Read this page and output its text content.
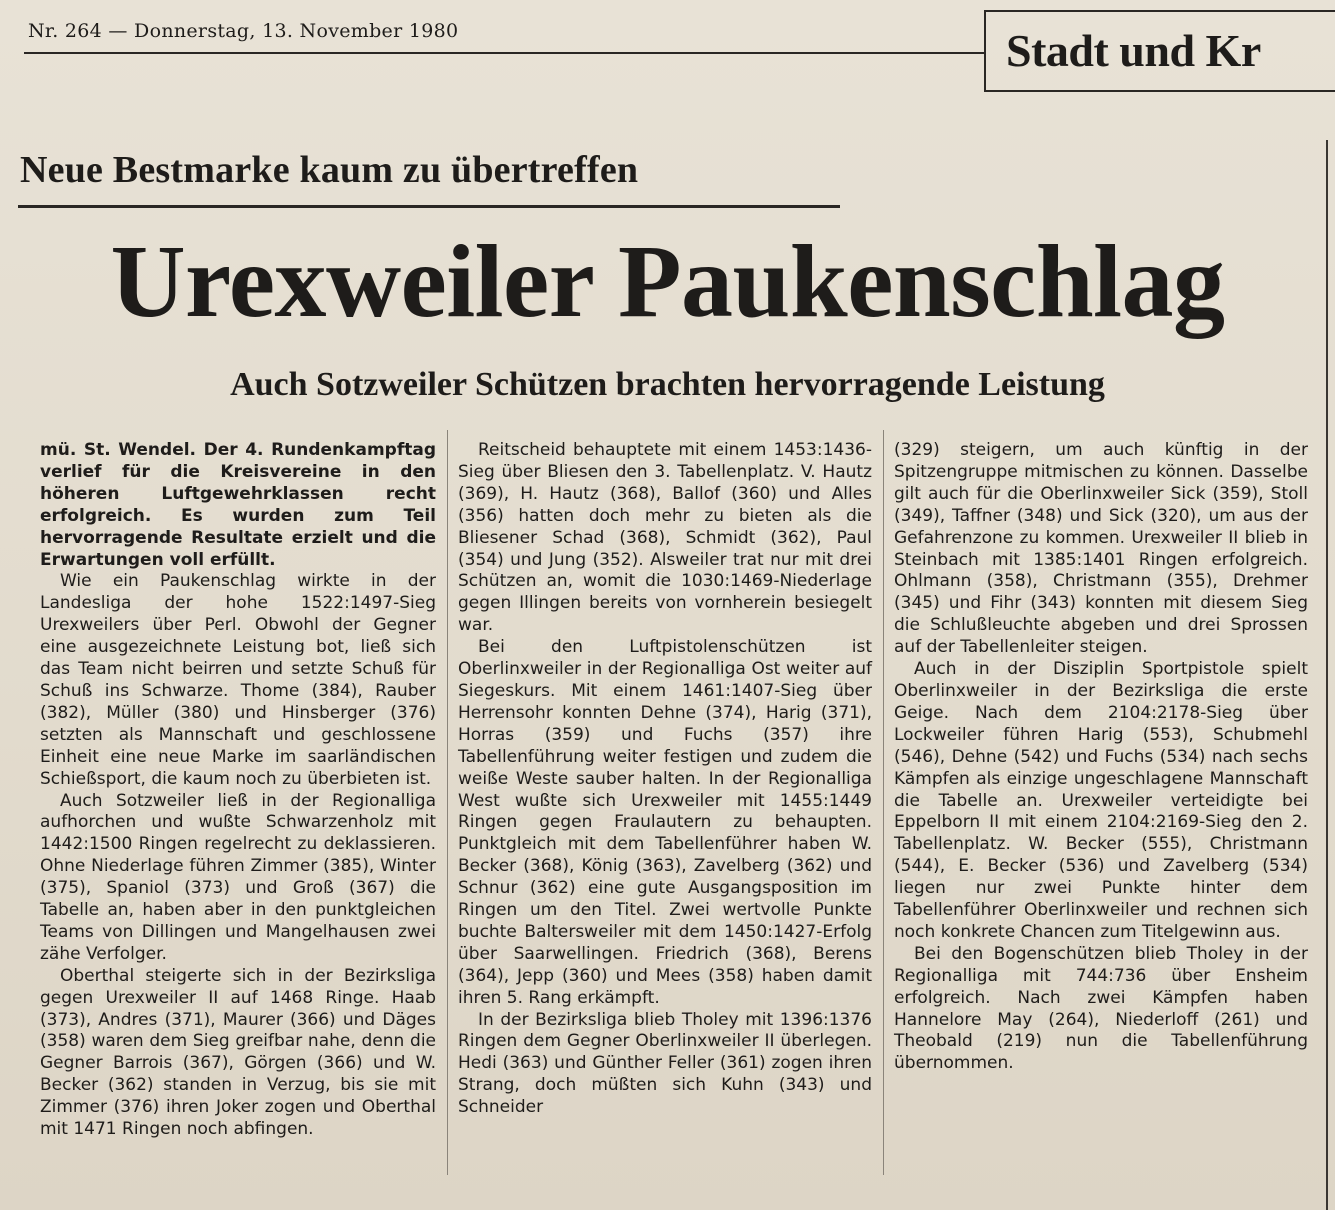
Nr. 264 — Donnerstag, 13. November 1980	Stadt und Kr
Neue Bestmarke kaum zu übertreffen
Urexweiler Paukenschlag
Auch Sotzweiler Schützen brachten hervorragende Leistung

mü. St. Wendel. Der 4. Rundenkampftag verlief für die Kreisvereine in den höheren Luftgewehrklassen recht erfolgreich. Es wurden zum Teil hervorragende Resultate erzielt und die Erwartungen voll erfüllt.

Wie ein Paukenschlag wirkte in der Landesliga der hohe 1522:1497-Sieg Urexweilers über Perl. Obwohl der Gegner eine ausgezeichnete Leistung bot, ließ sich das Team nicht beirren und setzte Schuß für Schuß ins Schwarze. Thome (384), Rauber (382), Müller (380) und Hinsberger (376) setzten als Mannschaft und geschlossene Einheit eine neue Marke im saarländischen Schießsport, die kaum noch zu überbieten ist.

Auch Sotzweiler ließ in der Regionalliga aufhorchen und wußte Schwarzenholz mit 1442:1500 Ringen regelrecht zu deklassieren. Ohne Niederlage führen Zimmer (385), Winter (375), Spaniol (373) und Groß (367) die Tabelle an, haben aber in den punktgleichen Teams von Dillingen und Mangelhausen zwei zähe Verfolger.

Oberthal steigerte sich in der Bezirksliga gegen Urexweiler II auf 1468 Ringe. Haab (373), Andres (371), Maurer (366) und Däges (358) waren dem Sieg greifbar nahe, denn die Gegner Barrois (367), Görgen (366) und W. Becker (362) standen in Verzug, bis sie mit Zimmer (376) ihren Joker zogen und Oberthal mit 1471 Ringen noch abfingen.

Reitscheid behauptete mit einem 1453:1436-Sieg über Bliesen den 3. Tabellenplatz. V. Hautz (369), H. Hautz (368), Ballof (360) und Alles (356) hatten doch mehr zu bieten als die Bliesener Schad (368), Schmidt (362), Paul (354) und Jung (352). Alsweiler trat nur mit drei Schützen an, womit die 1030:1469-Niederlage gegen Illingen bereits von vornherein besiegelt war.

Bei den Luftpistolenschützen ist Oberlinxweiler in der Regionalliga Ost weiter auf Siegeskurs. Mit einem 1461:1407-Sieg über Herrensohr konnten Dehne (374), Harig (371), Horras (359) und Fuchs (357) ihre Tabellenführung weiter festigen und zudem die weiße Weste sauber halten. In der Regionalliga West wußte sich Urexweiler mit 1455:1449 Ringen gegen Fraulautern zu behaupten. Punktgleich mit dem Tabellenführer haben W. Becker (368), König (363), Zavelberg (362) und Schnur (362) eine gute Ausgangsposition im Ringen um den Titel. Zwei wertvolle Punkte buchte Baltersweiler mit dem 1450:1427-Erfolg über Saarwellingen. Friedrich (368), Berens (364), Jepp (360) und Mees (358) haben damit ihren 5. Rang erkämpft.

In der Bezirksliga blieb Tholey mit 1396:1376 Ringen dem Gegner Oberlinxweiler II überlegen. Hedi (363) und Günther Feller (361) zogen ihren Strang, doch müßten sich Kuhn (343) und Schneider

(329) steigern, um auch künftig in der Spitzengruppe mitmischen zu können. Dasselbe gilt auch für die Oberlinxweiler Sick (359), Stoll (349), Taffner (348) und Sick (320), um aus der Gefahrenzone zu kommen. Urexweiler II blieb in Steinbach mit 1385:1401 Ringen erfolgreich. Ohlmann (358), Christmann (355), Drehmer (345) und Fihr (343) konnten mit diesem Sieg die Schlußleuchte abgeben und drei Sprossen auf der Tabellenleiter steigen.

Auch in der Disziplin Sportpistole spielt Oberlinxweiler in der Bezirksliga die erste Geige. Nach dem 2104:2178-Sieg über Lockweiler führen Harig (553), Schubmehl (546), Dehne (542) und Fuchs (534) nach sechs Kämpfen als einzige ungeschlagene Mannschaft die Tabelle an. Urexweiler verteidigte bei Eppelborn II mit einem 2104:2169-Sieg den 2. Tabellenplatz. W. Becker (555), Christmann (544), E. Becker (536) und Zavelberg (534) liegen nur zwei Punkte hinter dem Tabellenführer Oberlinxweiler und rechnen sich noch konkrete Chancen zum Titelgewinn aus.

Bei den Bogenschützen blieb Tholey in der Regionalliga mit 744:736 über Ensheim erfolgreich. Nach zwei Kämpfen haben Hannelore May (264), Niederloff (261) und Theobald (219) nun die Tabellenführung übernommen.
